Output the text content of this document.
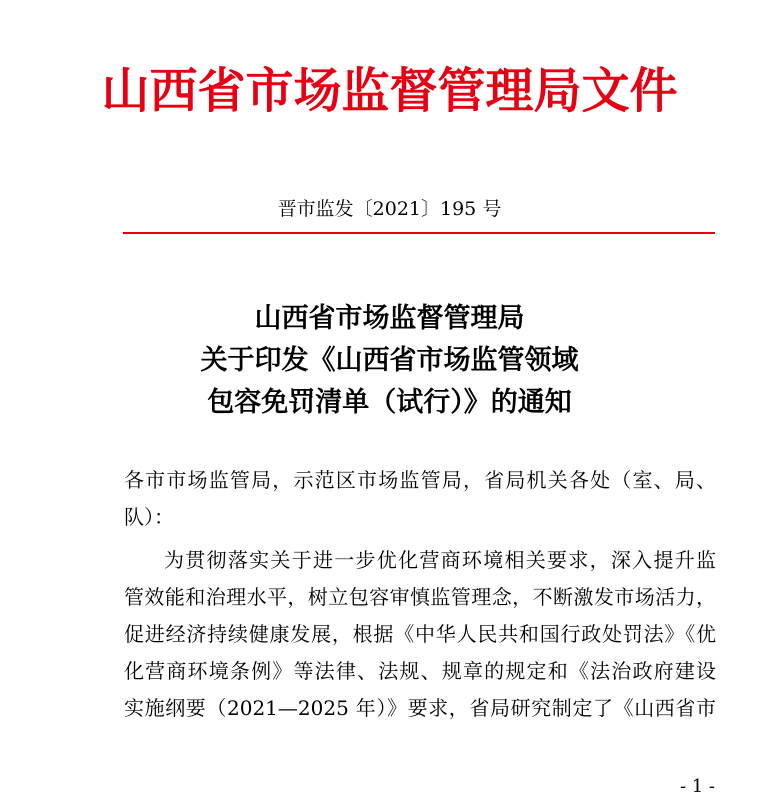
山西省市场监督管理局文件
晋市监发〔2021〕195 号
山西省市场监督管理局
关于印发《山西省市场监管领域
包容免罚清单（试行）》的通知
各市市场监管局，示范区市场监管局，省局机关各处（室、局、
队）：
为贯彻落实关于进一步优化营商环境相关要求，深入提升监
管效能和治理水平，树立包容审慎监管理念，不断激发市场活力，
促进经济持续健康发展，根据《中华人民共和国行政处罚法》《优
化营商环境条例》等法律、法规、规章的规定和《法治政府建设
实施纲要（2021—2025 年）》要求，省局研究制定了《山西省市
- 1 -
